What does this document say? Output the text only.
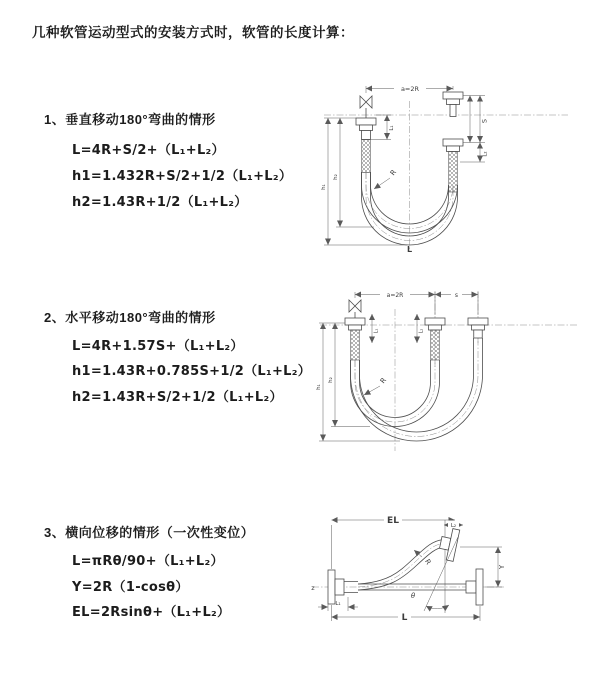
几种软管运动型式的安装方式时，软管的长度计算：
1、垂直移动180°弯曲的情形
L=4R+S/2+（L₁+L₂）
h1=1.432R+S/2+1/2（L₁+L₂）
h2=1.43R+1/2（L₁+L₂）
2、水平移动180°弯曲的情形
L=4R+1.57S+（L₁+L₂）
h1=1.43R+0.785S+1/2（L₁+L₂）
h2=1.43R+S/2+1/2（L₁+L₂）
3、横向位移的情形（一次性变位）
L=πRθ/90+（L₁+L₂）
Y=2R（1-cosθ）
EL=2Rsinθ+（L₁+L₂）
a=2R
S
L₂
h₂
h₁
L₁
R
L
a=2R	s
h₂
h₁
L₁	L₂
R
θ
EL	L₂
Y
L
L₁
R
z
